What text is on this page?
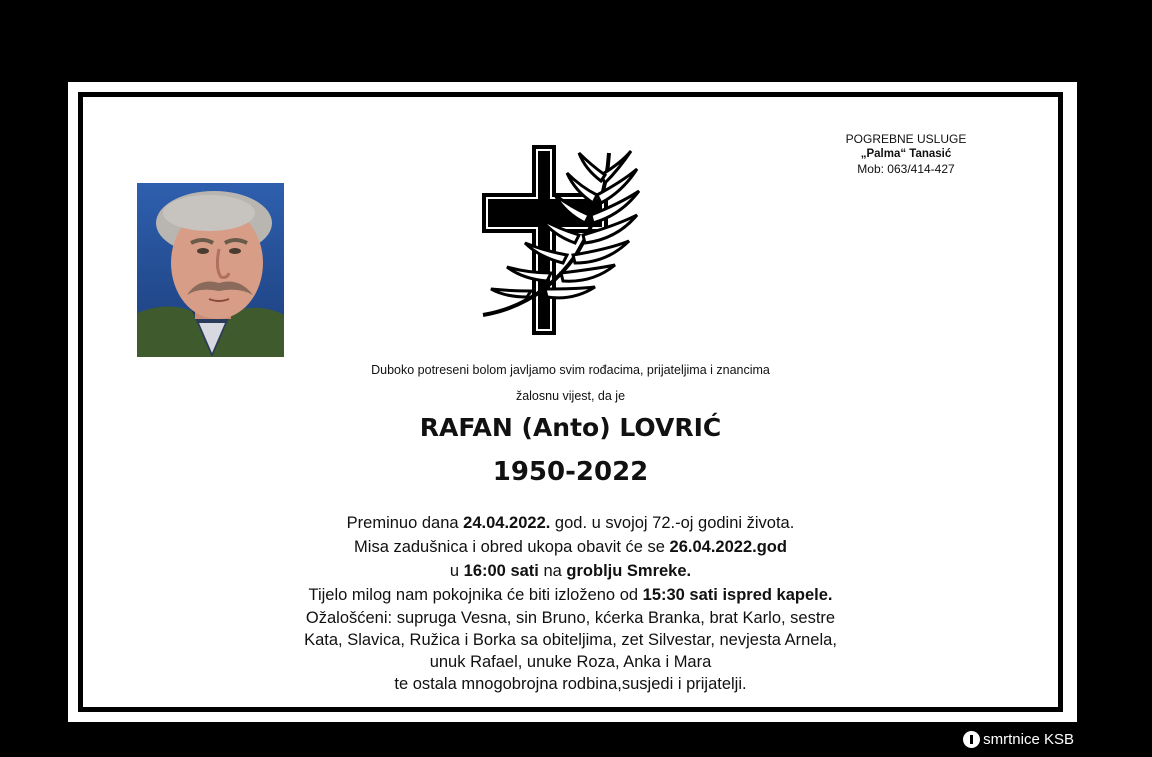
POGREBNE USLUGE
„Palma“ Tanasić
Mob: 063/414-427
Duboko potreseni bolom javljamo svim rođacima, prijateljima i znancima
žalosnu vijest, da je
RAFAN (Anto) LOVRIĆ
1950-2022
Preminuo dana 24.04.2022. god. u svojoj 72.-oj godini života.
Misa zadušnica i obred ukopa obavit će se 26.04.2022.god
u 16:00 sati na groblju Smreke.
Tijelo milog nam pokojnika će biti izloženo od 15:30 sati ispred kapele.
Ožalošćeni: supruga Vesna, sin Bruno, kćerka Branka, brat Karlo, sestre
Kata, Slavica, Ružica i Borka sa obiteljima, zet Silvestar, nevjesta Arnela,
unuk Rafael, unuke Roza, Anka i Mara
te ostala mnogobrojna rodbina,susjedi i prijatelji.
smrtnice KSB
